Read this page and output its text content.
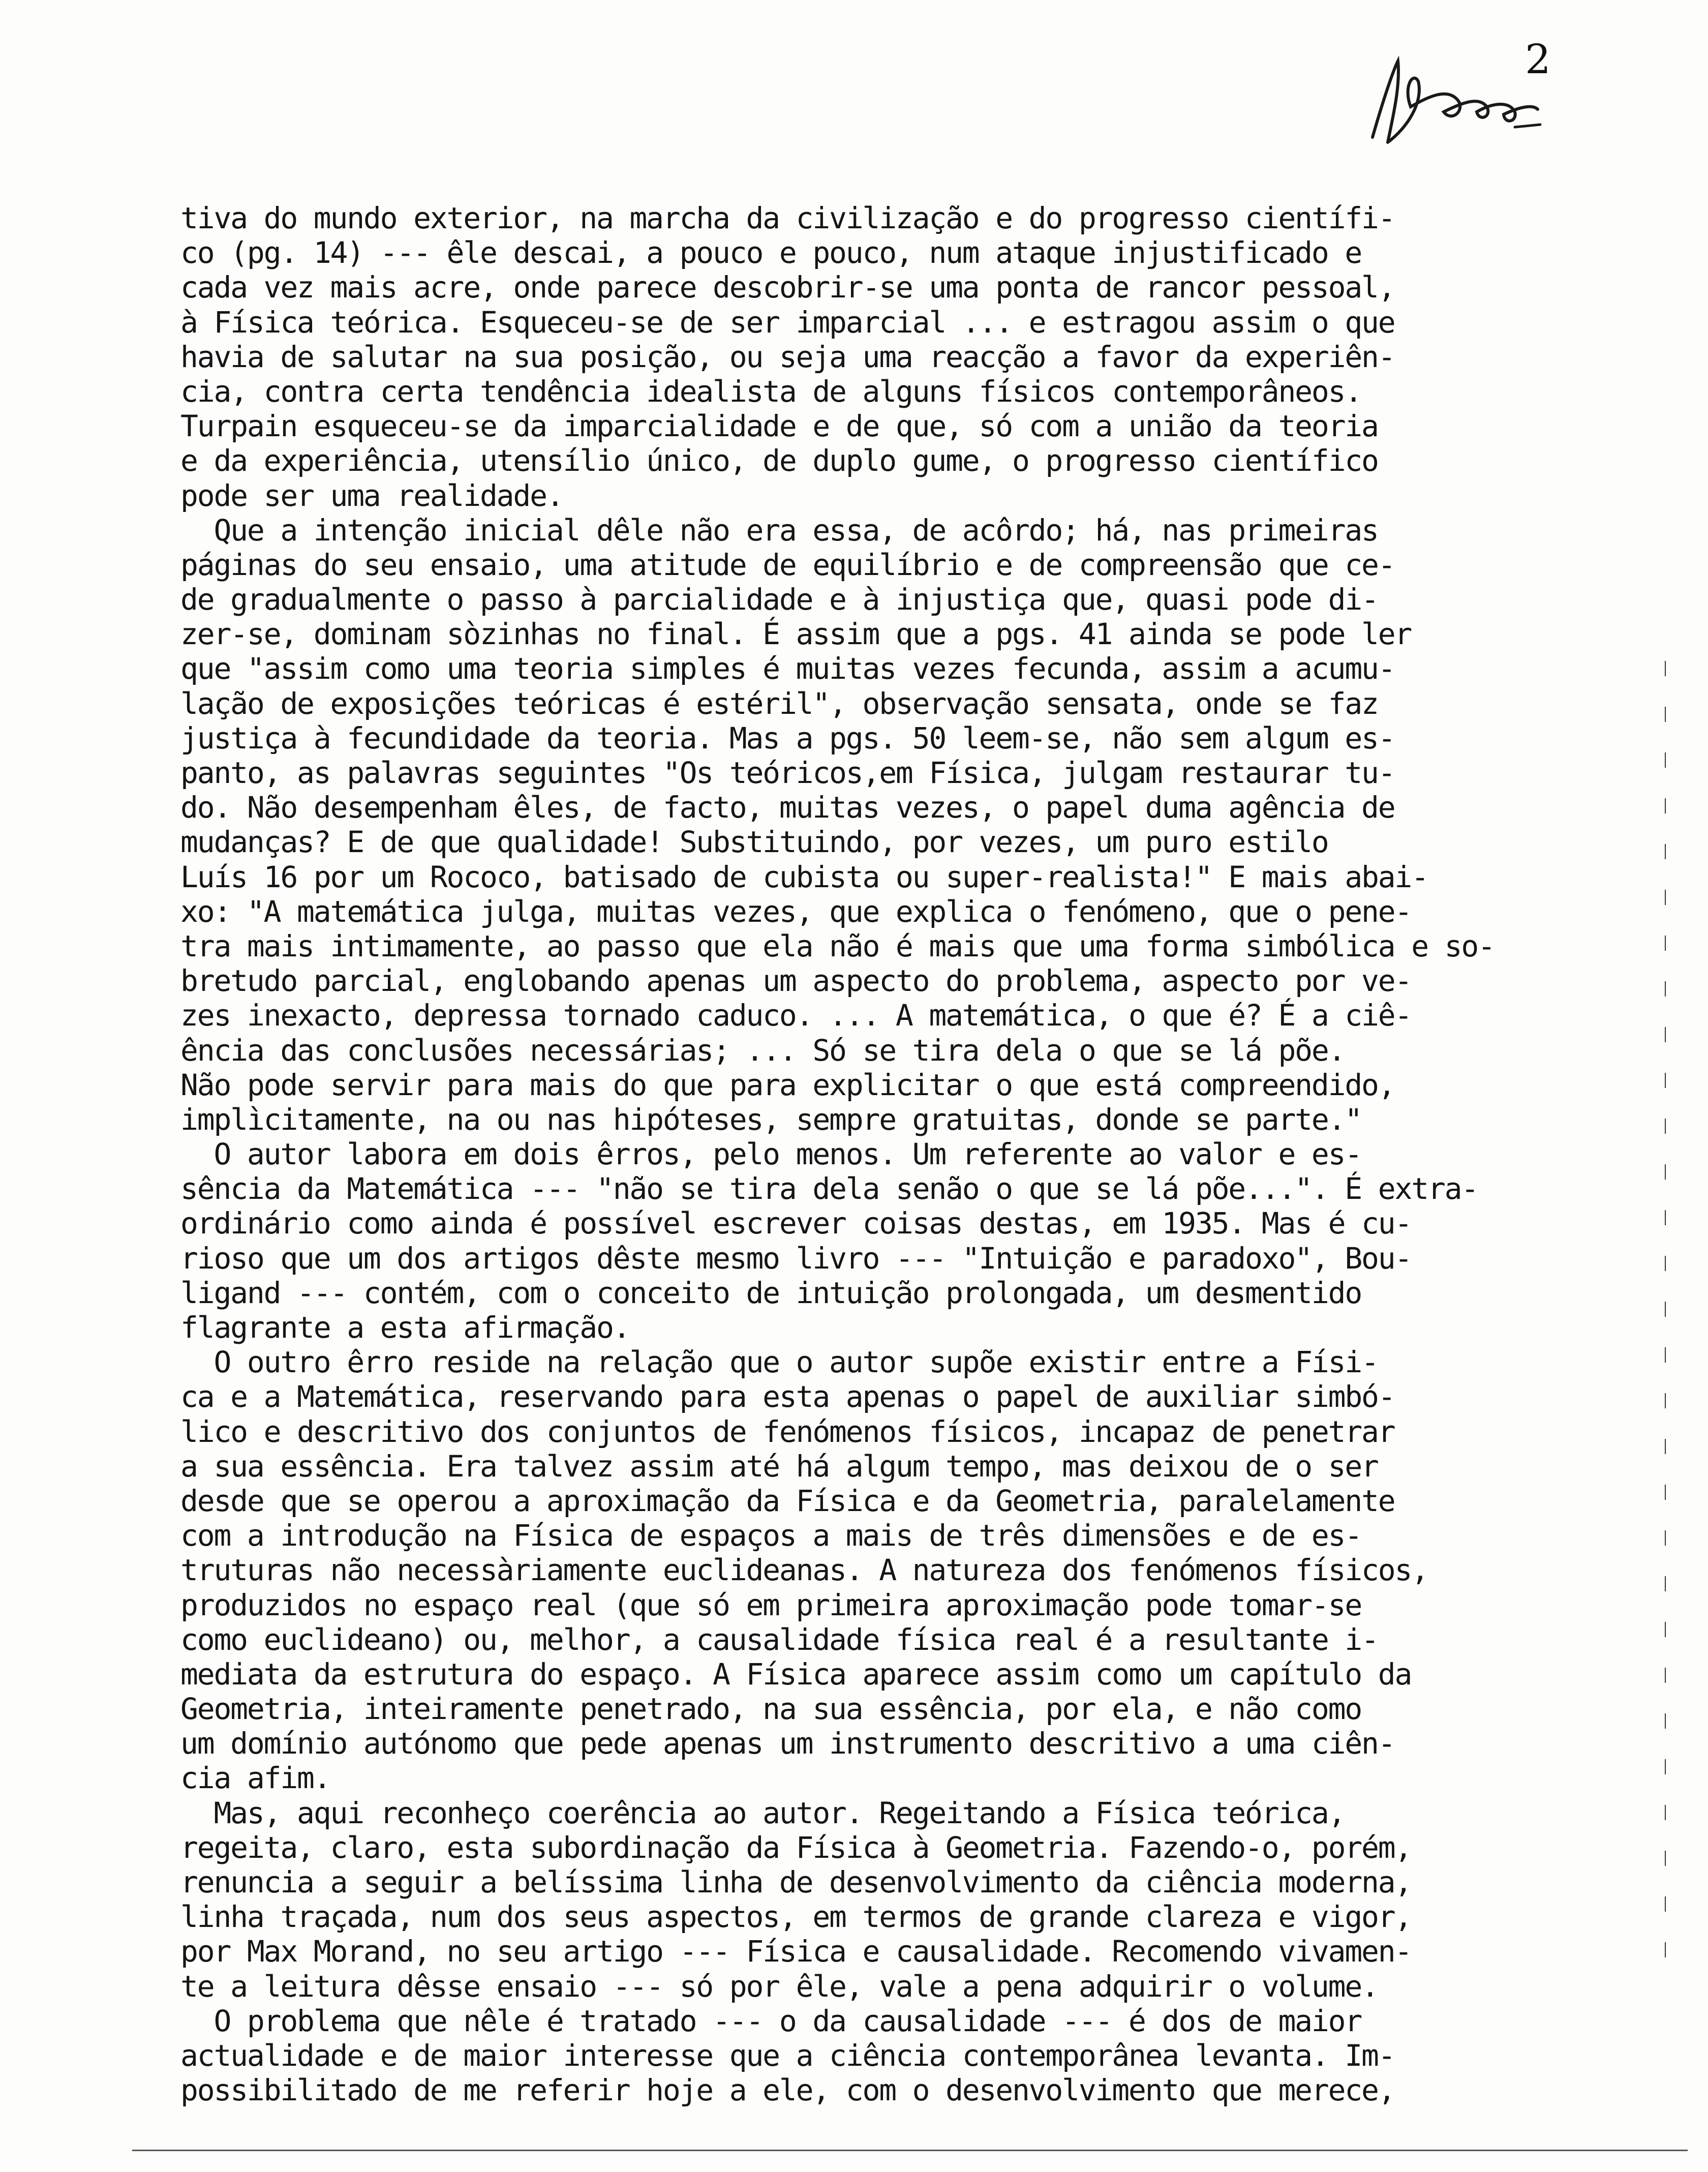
2
tiva do mundo exterior, na marcha da civilização e do progresso científi-
co (pg. 14) --- êle descai, a pouco e pouco, num ataque injustificado e
cada vez mais acre, onde parece descobrir-se uma ponta de rancor pessoal,
à Física teórica. Esqueceu-se de ser imparcial ... e estragou assim o que
havia de salutar na sua posição, ou seja uma reacção a favor da experiên-
cia, contra certa tendência idealista de alguns físicos contemporâneos.
Turpain esqueceu-se da imparcialidade e de que, só com a união da teoria
e da experiência, utensílio único, de duplo gume, o progresso científico
pode ser uma realidade.
Que a intenção inicial dêle não era essa, de acôrdo; há, nas primeiras
páginas do seu ensaio, uma atitude de equilíbrio e de compreensão que ce-
de gradualmente o passo à parcialidade e à injustiça que, quasi pode di-
zer-se, dominam sòzinhas no final. É assim que a pgs. 41 ainda se pode ler
que "assim como uma teoria simples é muitas vezes fecunda, assim a acumu-
lação de exposições teóricas é estéril", observação sensata, onde se faz
justiça à fecundidade da teoria. Mas a pgs. 50 leem-se, não sem algum es-
panto, as palavras seguintes "Os teóricos,em Física, julgam restaurar tu-
do. Não desempenham êles, de facto, muitas vezes, o papel duma agência de
mudanças? E de que qualidade! Substituindo, por vezes, um puro estilo
Luís 16 por um Rococo, batisado de cubista ou super-realista!" E mais abai-
xo: "A matemática julga, muitas vezes, que explica o fenómeno, que o pene-
tra mais intimamente, ao passo que ela não é mais que uma forma simbólica e so-
bretudo parcial, englobando apenas um aspecto do problema, aspecto por ve-
zes inexacto, depressa tornado caduco. ... A matemática, o que é? É a ciê-
ência das conclusões necessárias; ... Só se tira dela o que se lá põe.
Não pode servir para mais do que para explicitar o que está compreendido,
implìcitamente, na ou nas hipóteses, sempre gratuitas, donde se parte."
O autor labora em dois êrros, pelo menos. Um referente ao valor e es-
sência da Matemática --- "não se tira dela senão o que se lá põe...". É extra-
ordinário como ainda é possível escrever coisas destas, em 1935. Mas é cu-
rioso que um dos artigos dêste mesmo livro --- "Intuição e paradoxo", Bou-
ligand --- contém, com o conceito de intuição prolongada, um desmentido
flagrante a esta afirmação.
O outro êrro reside na relação que o autor supõe existir entre a Físi-
ca e a Matemática, reservando para esta apenas o papel de auxiliar simbó-
lico e descritivo dos conjuntos de fenómenos físicos, incapaz de penetrar
a sua essência. Era talvez assim até há algum tempo, mas deixou de o ser
desde que se operou a aproximação da Física e da Geometria, paralelamente
com a introdução na Física de espaços a mais de três dimensões e de es-
truturas não necessàriamente euclideanas. A natureza dos fenómenos físicos,
produzidos no espaço real (que só em primeira aproximação pode tomar-se
como euclideano) ou, melhor, a causalidade física real é a resultante i-
mediata da estrutura do espaço. A Física aparece assim como um capítulo da
Geometria, inteiramente penetrado, na sua essência, por ela, e não como
um domínio autónomo que pede apenas um instrumento descritivo a uma ciên-
cia afim.
Mas, aqui reconheço coerência ao autor. Regeitando a Física teórica,
regeita, claro, esta subordinação da Física à Geometria. Fazendo-o, porém,
renuncia a seguir a belíssima linha de desenvolvimento da ciência moderna,
linha traçada, num dos seus aspectos, em termos de grande clareza e vigor,
por Max Morand, no seu artigo --- Física e causalidade. Recomendo vivamen-
te a leitura dêsse ensaio --- só por êle, vale a pena adquirir o volume.
O problema que nêle é tratado --- o da causalidade --- é dos de maior
actualidade e de maior interesse que a ciência contemporânea levanta. Im-
possibilitado de me referir hoje a ele, com o desenvolvimento que merece,
